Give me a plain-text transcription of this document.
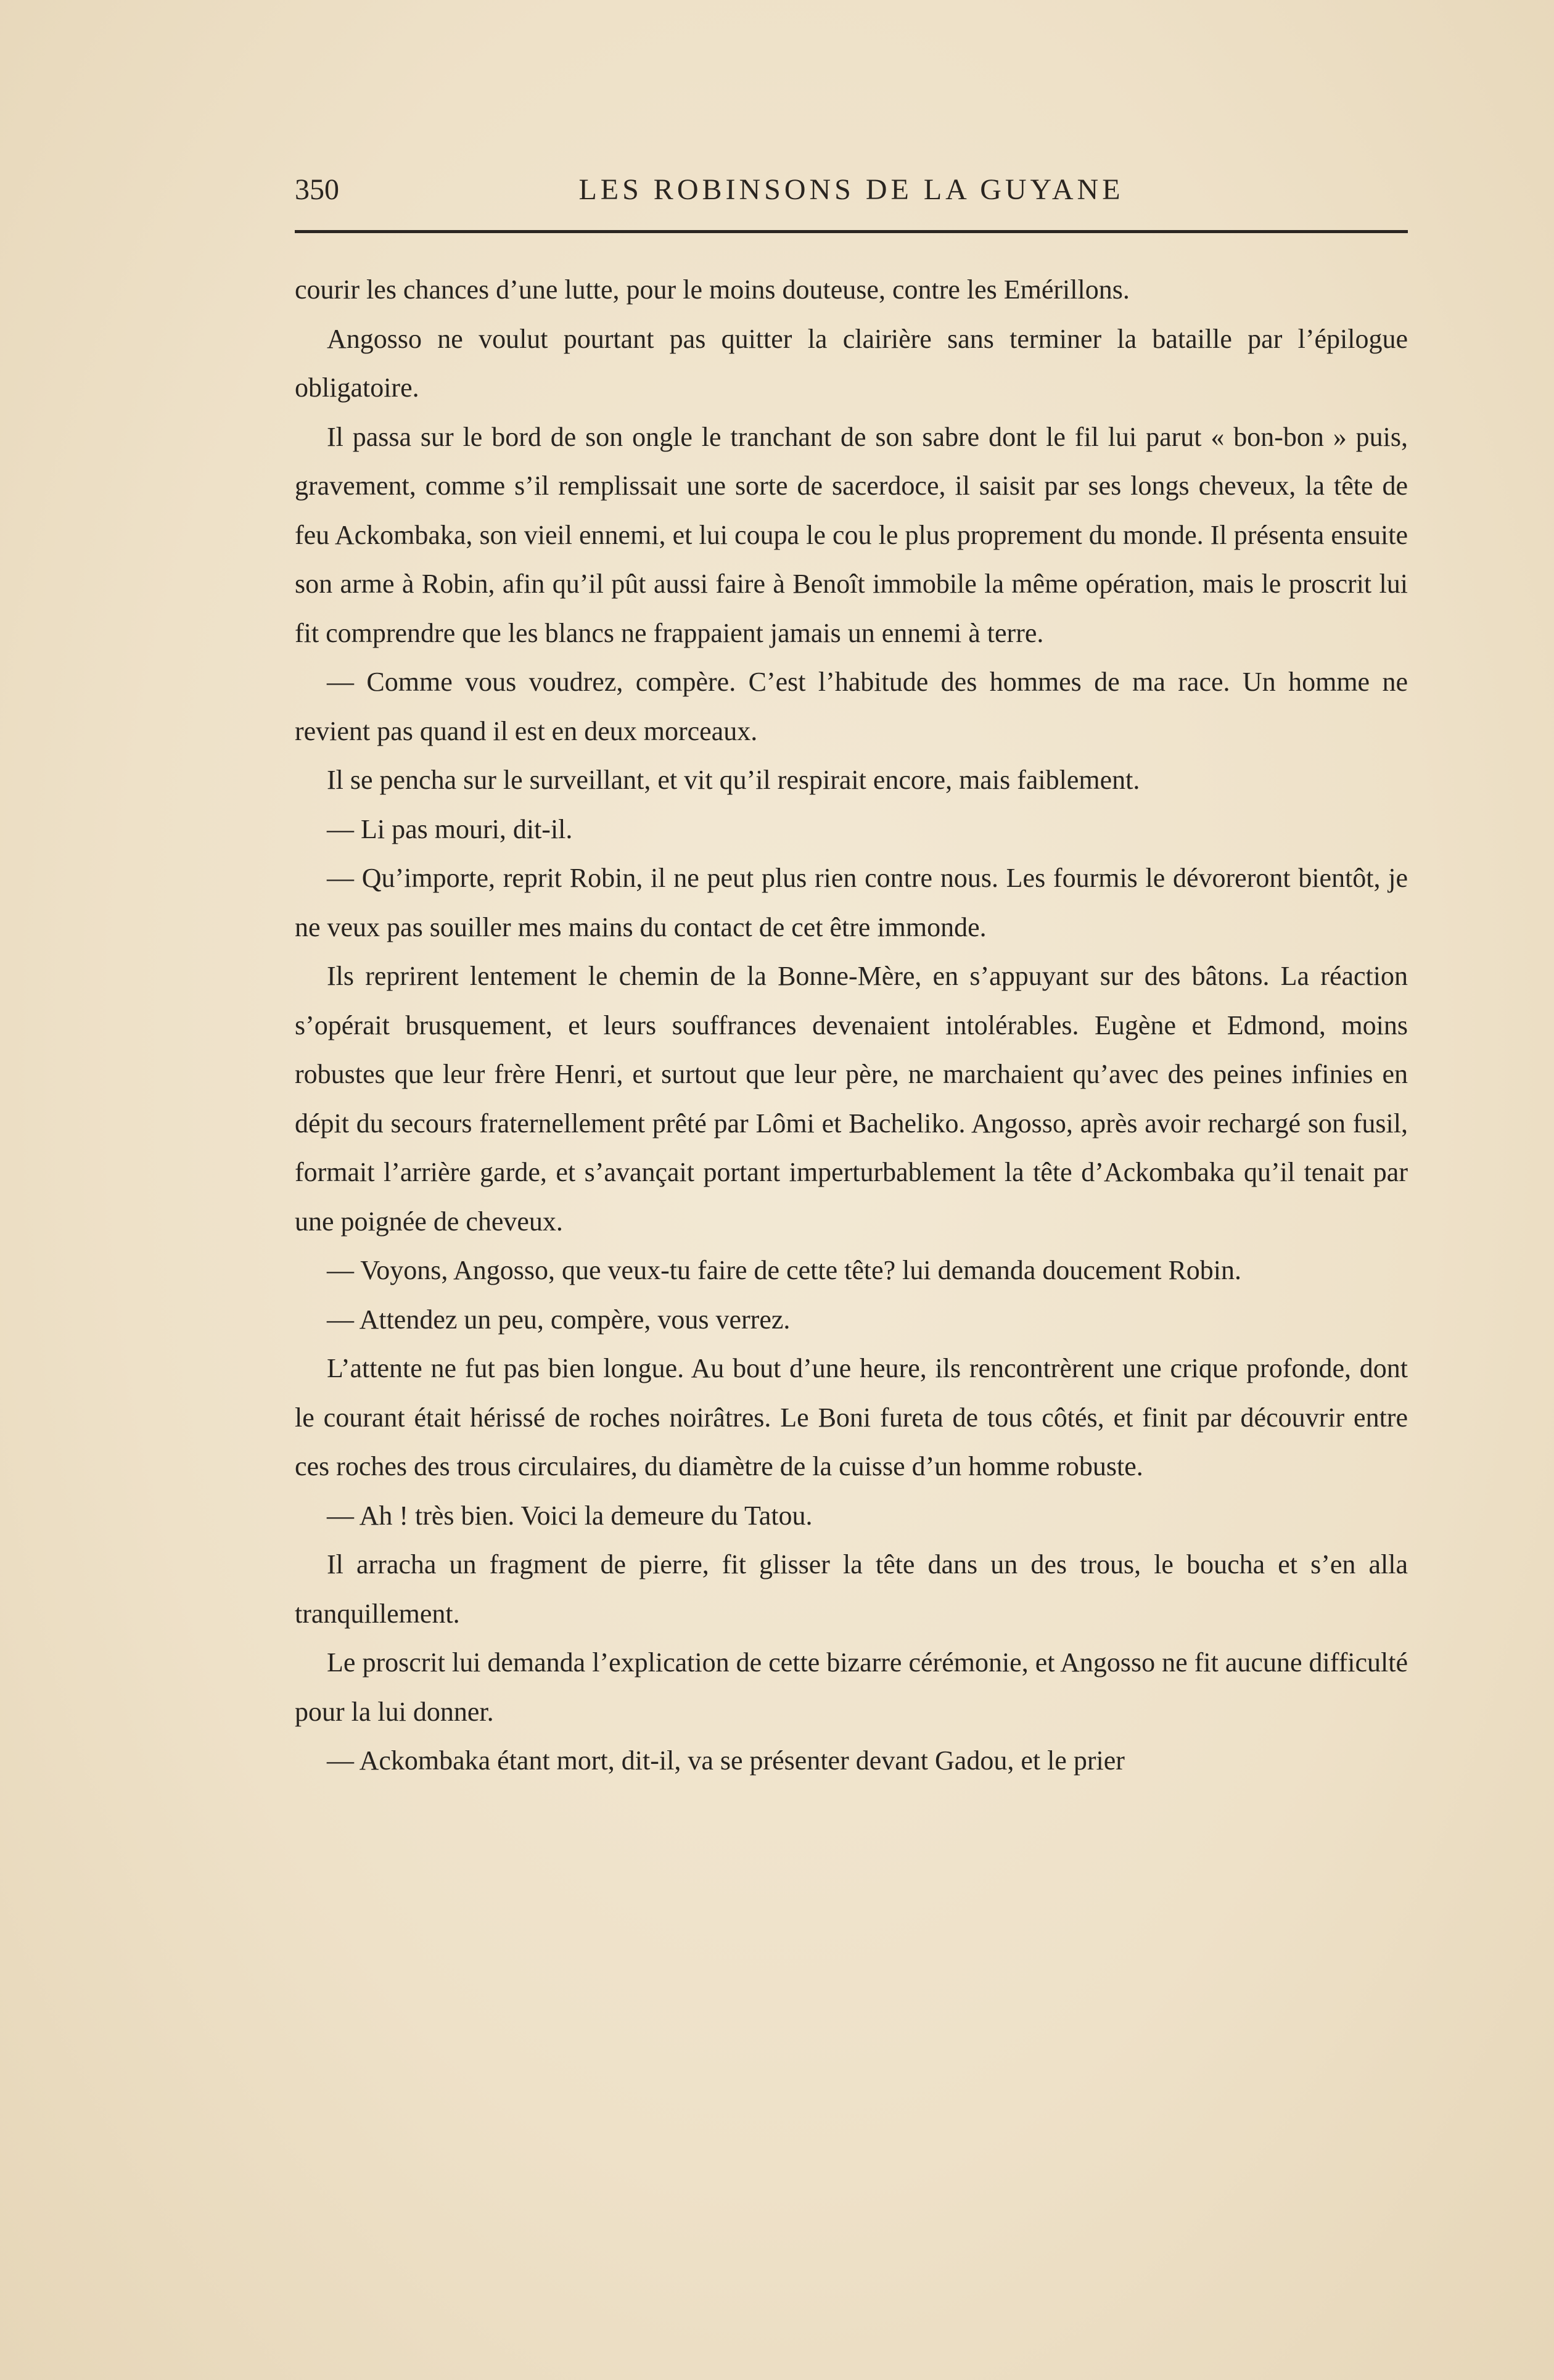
350	LES ROBINSONS DE LA GUYANE

courir les chances d’une lutte, pour le moins douteuse, contre les Emérillons.

Angosso ne voulut pourtant pas quitter la clairière sans terminer la bataille par l’épilogue obligatoire.

Il passa sur le bord de son ongle le tranchant de son sabre dont le fil lui parut « bon-bon » puis, gravement, comme s’il remplissait une sorte de sacerdoce, il saisit par ses longs cheveux, la tête de feu Ackombaka, son vieil ennemi, et lui coupa le cou le plus proprement du monde. Il présenta ensuite son arme à Robin, afin qu’il pût aussi faire à Benoît immobile la même opération, mais le proscrit lui fit comprendre que les blancs ne frappaient jamais un ennemi à terre.

— Comme vous voudrez, compère. C’est l’habitude des hommes de ma race. Un homme ne revient pas quand il est en deux morceaux.

Il se pencha sur le surveillant, et vit qu’il respirait encore, mais faiblement.

— Li pas mouri, dit-il.

— Qu’importe, reprit Robin, il ne peut plus rien contre nous. Les fourmis le dévoreront bientôt, je ne veux pas souiller mes mains du contact de cet être immonde.

Ils reprirent lentement le chemin de la Bonne-Mère, en s’appuyant sur des bâtons. La réaction s’opérait brusquement, et leurs souffrances devenaient intolérables. Eugène et Edmond, moins robustes que leur frère Henri, et surtout que leur père, ne marchaient qu’avec des peines infinies en dépit du secours fraternellement prêté par Lômi et Bacheliko. Angosso, après avoir rechargé son fusil, formait l’arrière garde, et s’avançait portant imperturbablement la tête d’Ackombaka qu’il tenait par une poignée de cheveux.

— Voyons, Angosso, que veux-tu faire de cette tête? lui demanda doucement Robin.

— Attendez un peu, compère, vous verrez.

L’attente ne fut pas bien longue. Au bout d’une heure, ils rencontrèrent une crique profonde, dont le courant était hérissé de roches noirâtres. Le Boni fureta de tous côtés, et finit par découvrir entre ces roches des trous circulaires, du diamètre de la cuisse d’un homme robuste.

— Ah ! très bien. Voici la demeure du Tatou.

Il arracha un fragment de pierre, fit glisser la tête dans un des trous, le boucha et s’en alla tranquillement.

Le proscrit lui demanda l’explication de cette bizarre cérémonie, et Angosso ne fit aucune difficulté pour la lui donner.

— Ackombaka étant mort, dit-il, va se présenter devant Gadou, et le prier
